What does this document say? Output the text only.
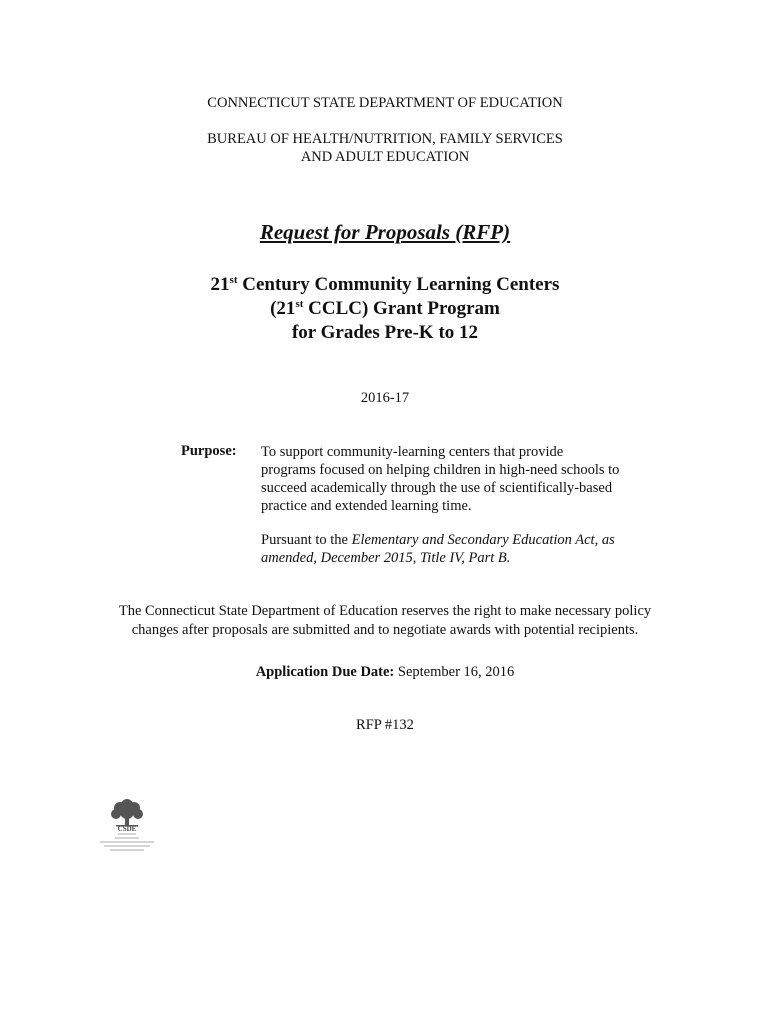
CONNECTICUT STATE DEPARTMENT OF EDUCATION
BUREAU OF HEALTH/NUTRITION, FAMILY SERVICES
AND ADULT EDUCATION
Request for Proposals (RFP)
21st Century Community Learning Centers
(21st CCLC) Grant Program
for Grades Pre-K to 12
2016-17
Purpose: To support community-learning centers that provide
programs focused on helping children in high-need schools to
succeed academically through the use of scientifically-based
practice and extended learning time.
Pursuant to the Elementary and Secondary Education Act, as
amended, December 2015, Title IV, Part B.
The Connecticut State Department of Education reserves the right to make necessary policy
changes after proposals are submitted and to negotiate awards with potential recipients.
Application Due Date: September 16, 2016
RFP #132
CSDE
